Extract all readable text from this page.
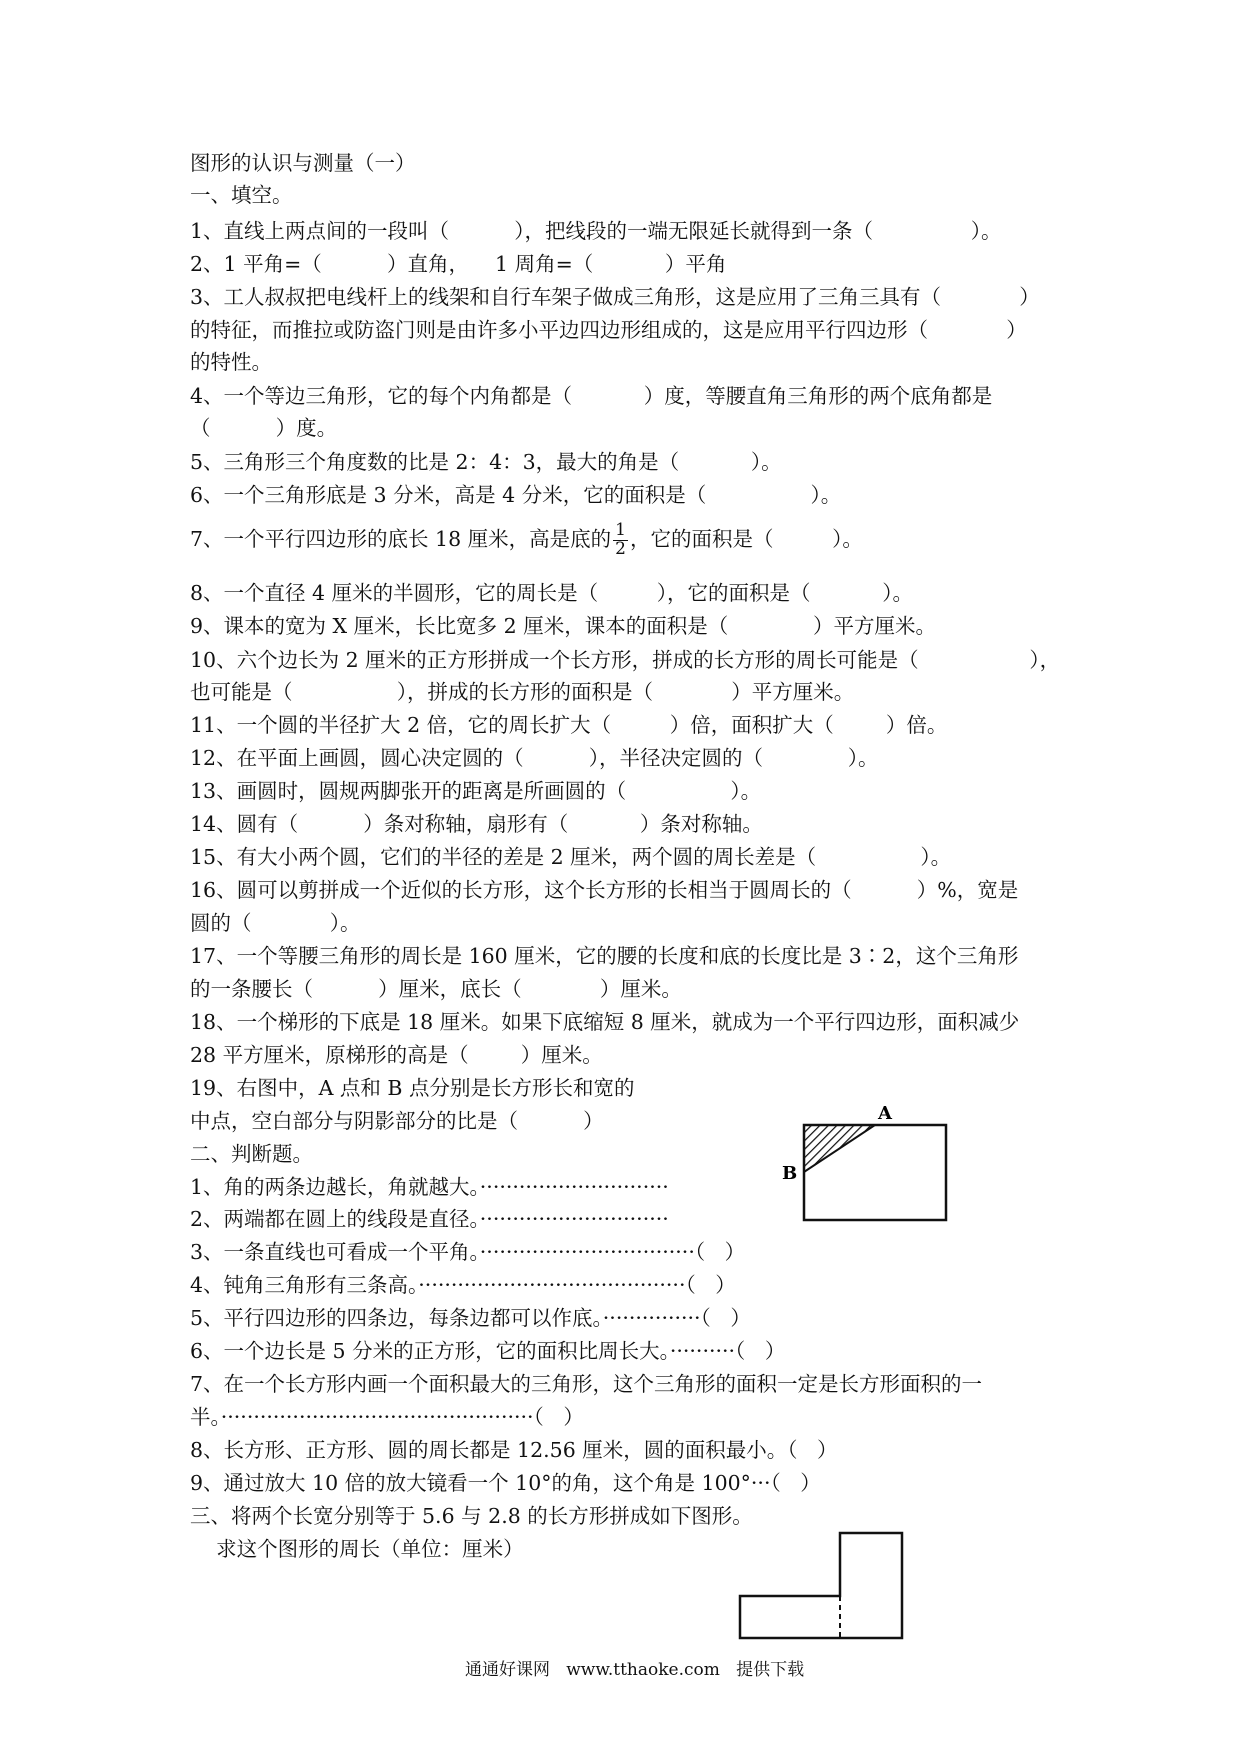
图形的认识与测量（一）
一、填空。
1、直线上两点间的一段叫（          ），把线段的一端无限延长就得到一条（               ）。
2、1 平角=（          ）直角，    1 周角=（           ）平角
3、工人叔叔把电线杆上的线架和自行车架子做成三角形，这是应用了三角三具有（            ）
的特征，而推拉或防盗门则是由许多小平边四边形组成的，这是应用平行四边形（            ）
的特性。
4、一个等边三角形，它的每个内角都是（           ）度，等腰直角三角形的两个底角都是
（          ）度。
5、三角形三个角度数的比是 2：4：3，最大的角是（           ）。
6、一个三角形底是 3 分米，高是 4 分米，它的面积是（                ）。
7、一个平行四边形的底长 18 厘米，高是底的 $\frac{1}{2}$ ，它的面积是（         ）。
8、一个直径 4 厘米的半圆形，它的周长是（         ），它的面积是（           ）。
9、课本的宽为 X 厘米，长比宽多 2 厘米，课本的面积是（             ）平方厘米。
10、六个边长为 2 厘米的正方形拼成一个长方形，拼成的长方形的周长可能是（                 ），
也可能是（                ），拼成的长方形的面积是（            ）平方厘米。
11、一个圆的半径扩大 2 倍，它的周长扩大（         ）倍，面积扩大（        ）倍。
12、在平面上画圆，圆心决定圆的（          ），半径决定圆的（             ）。
13、画圆时，圆规两脚张开的距离是所画圆的（                ）。
14、圆有（          ）条对称轴，扇形有（           ）条对称轴。
15、有大小两个圆，它们的半径的差是 2 厘米，两个圆的周长差是（                ）。
16、圆可以剪拼成一个近似的长方形，这个长方形的长相当于圆周长的（          ）%，宽是
圆的（            ）。
17、一个等腰三角形的周长是 160 厘米，它的腰的长度和底的长度比是 3∶2，这个三角形
的一条腰长（          ）厘米，底长（            ）厘米。
18、一个梯形的下底是 18 厘米。如果下底缩短 8 厘米，就成为一个平行四边形，面积减少
28 平方厘米，原梯形的高是（        ）厘米。
19、右图中，A 点和 B 点分别是长方形长和宽的
中点，空白部分与阴影部分的比是（          ）
二、判断题。
1、角的两条边越长，角就越大。·····························
2、两端都在圆上的线段是直径。·····························
3、一条直线也可看成一个平角。·································（   ）
4、钝角三角形有三条高。·········································（   ）
5、平行四边形的四条边，每条边都可以作底。···············（   ）
6、一个边长是 5 分米的正方形，它的面积比周长大。··········（   ）
7、在一个长方形内画一个面积最大的三角形，这个三角形的面积一定是长方形面积的一
半。················································（   ）
8、长方形、正方形、圆的周长都是 12.56 厘米，圆的面积最小。（   ）
9、通过放大 10 倍的放大镜看一个 10°的角，这个角是 100°···（   ）
三、将两个长宽分别等于 5.6 与 2.8 的长方形拼成如下图形。
求这个图形的周长（单位：厘米）
A
B
通通好课网   www.tthaoke.com   提供下载
